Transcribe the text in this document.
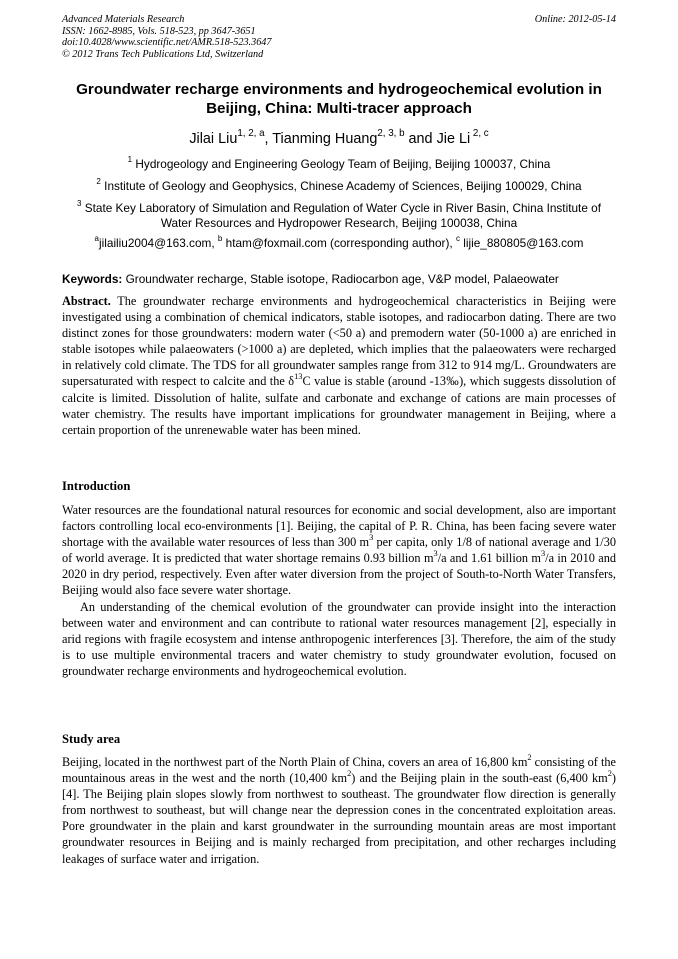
Advanced Materials Research
ISSN: 1662-8985, Vols. 518-523, pp 3647-3651
doi:10.4028/www.scientific.net/AMR.518-523.3647
© 2012 Trans Tech Publications Ltd, Switzerland
Online: 2012-05-14
Groundwater recharge environments and hydrogeochemical evolution in Beijing, China: Multi-tracer approach
Jilai Liu$^{1, 2, a}$, Tianming Huang$^{2, 3, b}$ and Jie Li $^{2, c}$
$^1$ Hydrogeology and Engineering Geology Team of Beijing, Beijing 100037, China
$^2$ Institute of Geology and Geophysics, Chinese Academy of Sciences, Beijing 100029, China
$^3$ State Key Laboratory of Simulation and Regulation of Water Cycle in River Basin, China Institute of
Water Resources and Hydropower Research, Beijing 100038, China
$^a$jilailiu2004@163.com, $^b$ htam@foxmail.com (corresponding author), $^c$ lijie_880805@163.com
Keywords: Groundwater recharge, Stable isotope, Radiocarbon age, V&P model, Palaeowater

Abstract. The groundwater recharge environments and hydrogeochemical characteristics in Beijing were investigated using a combination of chemical indicators, stable isotopes, and radiocarbon dating. There are two distinct zones for those groundwaters: modern water (<50 a) and premodern water (50-1000 a) are enriched in stable isotopes while palaeowaters (>1000 a) are depleted, which implies that the palaeowaters were recharged in relatively cold climate. The TDS for all groundwater samples range from 312 to 914 mg/L. Groundwaters are supersaturated with respect to calcite and the $\delta^{13}C$ value is stable (around -13‰), which suggests dissolution of calcite is limited. Dissolution of halite, sulfate and carbonate and exchange of cations are main processes of water chemistry. The results have important implications for groundwater management in Beijing, where a certain proportion of the unrenewable water has been mined.

Introduction

Water resources are the foundational natural resources for economic and social development, also are important factors controlling local eco-environments [1]. Beijing, the capital of P. R. China, has been facing severe water shortage with the available water resources of less than 300 $m^3$ per capita, only 1/8 of national average and 1/30 of world average. It is predicted that water shortage remains 0.93 billion $m^3/a$ and 1.61 billion $m^3/a$ in 2010 and 2020 in dry period, respectively. Even after water diversion from the project of South-to-North Water Transfers, Beijing would also face severe water shortage.

An understanding of the chemical evolution of the groundwater can provide insight into the interaction between water and environment and can contribute to rational water resources management [2], especially in arid regions with fragile ecosystem and intense anthropogenic interferences [3]. Therefore, the aim of the study is to use multiple environmental tracers and water chemistry to study groundwater evolution, focused on groundwater recharge environments and hydrogeochemical evolution.

Study area

Beijing, located in the northwest part of the North Plain of China, covers an area of 16,800 $km^2$ consisting of the mountainous areas in the west and the north (10,400 $km^2$) and the Beijing plain in the south-east (6,400 $km^2$) [4]. The Beijing plain slopes slowly from northwest to southeast. The groundwater flow direction is generally from northwest to southeast, but will change near the depression cones in the concentrated exploitation areas. Pore groundwater in the plain and karst groundwater in the surrounding mountain areas are most important groundwater resources in Beijing and is mainly recharged from precipitation, and other recharges including leakages of surface water and irrigation.
